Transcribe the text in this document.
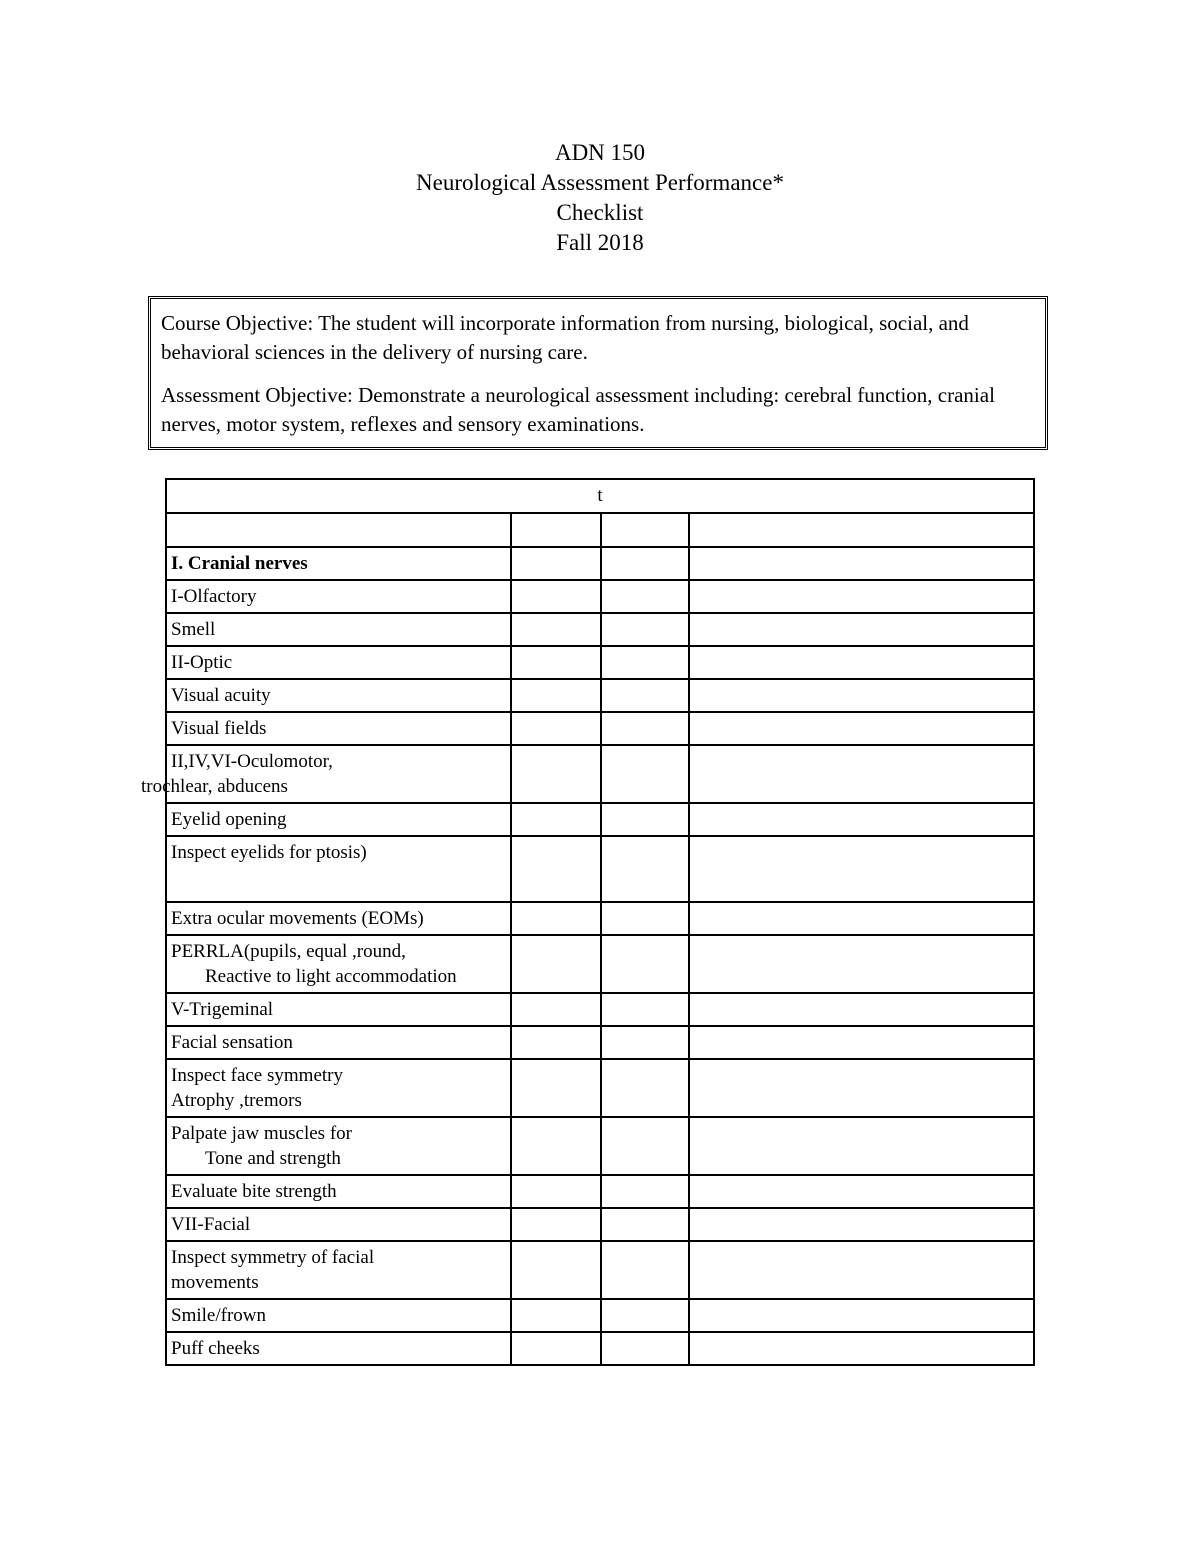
ADN 150
Neurological Assessment Performance*
Checklist
Fall 2018

Course Objective: The student will incorporate information from nursing, biological, social, and behavioral sciences in the delivery of nursing care.

Assessment Objective: Demonstrate a neurological assessment including: cerebral function, cranial nerves, motor system, reflexes and sensory examinations.

t			

I. Cranial nerves			

I-Olfactory			

Smell			

II-Optic			

Visual acuity			

Visual fields			

II,IV,VI-Oculomotor,
trochlear, abducens			

Eyelid opening			

Inspect eyelids for ptosis)			

Extra ocular movements (EOMs)			

PERRLA(pupils, equal ,round,
Reactive to light accommodation			

V-Trigeminal			

Facial sensation			

Inspect face symmetry
Atrophy ,tremors			

Palpate jaw muscles for
Tone and strength			

Evaluate bite strength			

VII-Facial			

Inspect symmetry of facial
movements			

Smile/frown			

Puff cheeks			
